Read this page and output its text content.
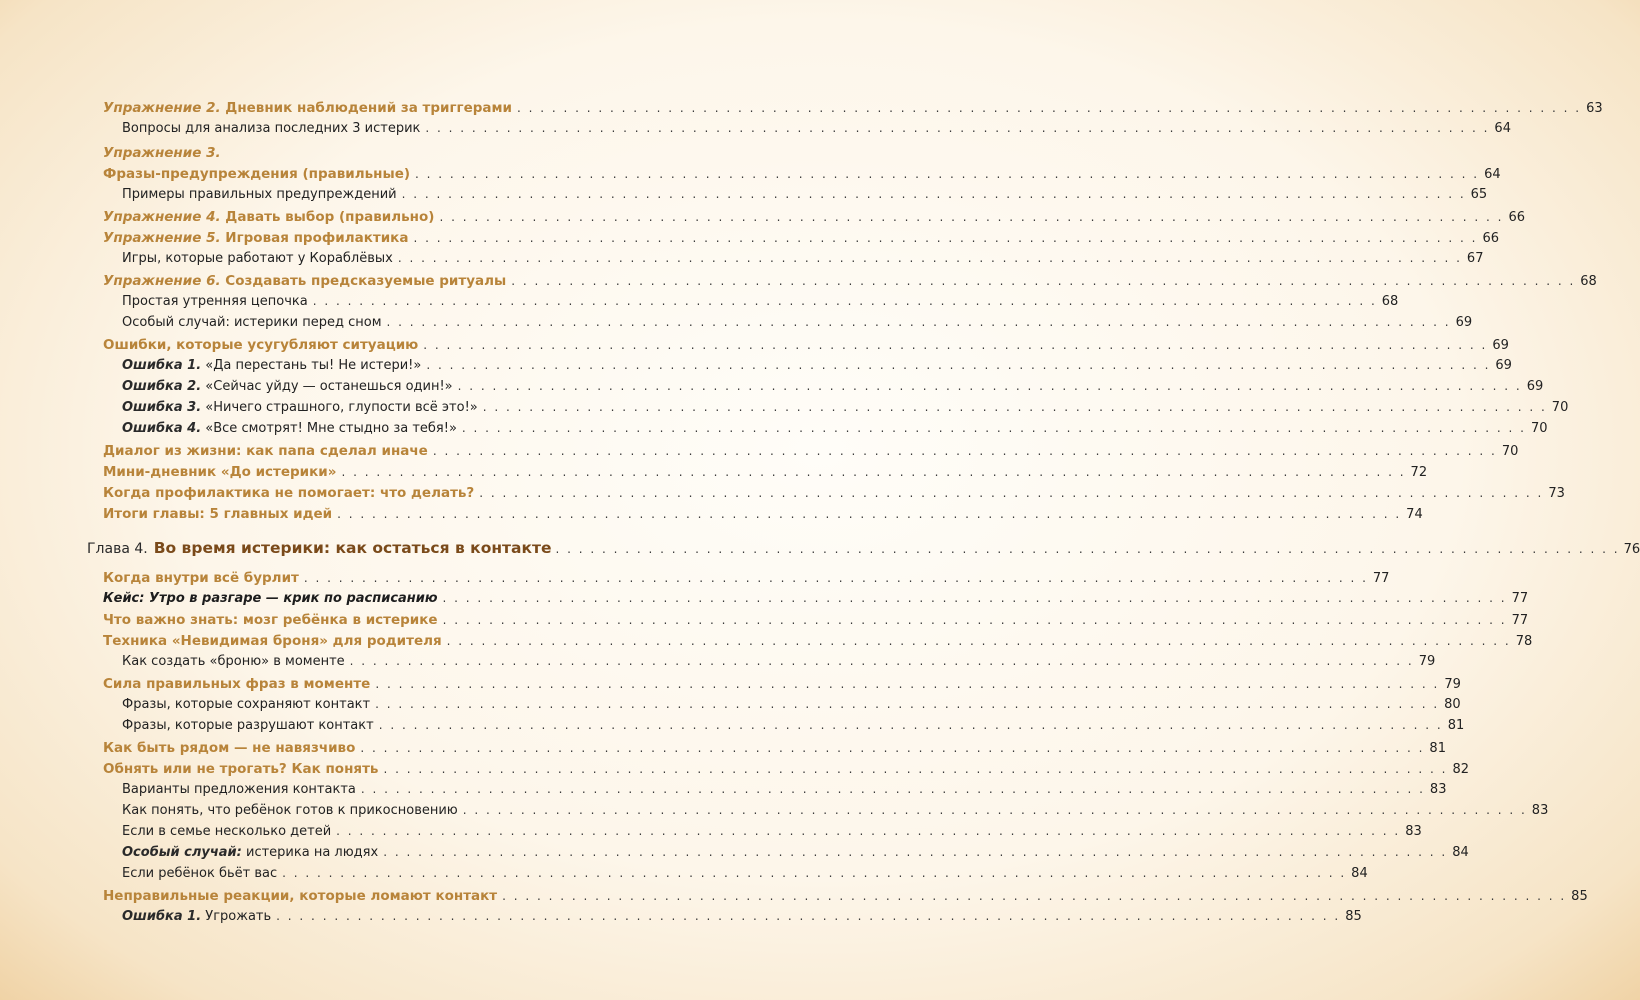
Упражнение 2. Дневник наблюдений за триггерами . . .	63
Вопросы для анализа последних 3 истерик . . .	64
Упражнение 3.
Фразы-предупреждения (правильные) . . .	64
Примеры правильных предупреждений . . .	65
Упражнение 4. Давать выбор (правильно) . . .	66
Упражнение 5. Игровая профилактика . . .	66
Игры, которые работают у Кораблёвых . . .	67
Упражнение 6. Создавать предсказуемые ритуалы . . .	68
Простая утренняя цепочка . . .	68
Особый случай: истерики перед сном . . .	69
Ошибки, которые усугубляют ситуацию . . .	69
Ошибка 1. «Да перестань ты! Не истери!» . . .	69
Ошибка 2. «Сейчас уйду — останешься один!» . . .	69
Ошибка 3. «Ничего страшного, глупости всё это!» . . .	70
Ошибка 4. «Все смотрят! Мне стыдно за тебя!» . . .	70
Диалог из жизни: как папа сделал иначе . . .	70
Мини-дневник «До истерики» . . .	72
Когда профилактика не помогает: что делать? . . .	73
Итоги главы: 5 главных идей . . .	74
Глава 4. Во время истерики: как остаться в контакте . . .	76
Когда внутри всё бурлит . . .	77
Кейс: Утро в разгаре — крик по расписанию . . .	77
Что важно знать: мозг ребёнка в истерике . . .	77
Техника «Невидимая броня» для родителя . . .	78
Как создать «броню» в моменте . . .	79
Сила правильных фраз в моменте . . .	79
Фразы, которые сохраняют контакт . . .	80
Фразы, которые разрушают контакт . . .	81
Как быть рядом — не навязчиво . . .	81
Обнять или не трогать? Как понять . . .	82
Варианты предложения контакта . . .	83
Как понять, что ребёнок готов к прикосновению . . .	83
Если в семье несколько детей . . .	83
Особый случай: истерика на людях . . .	84
Если ребёнок бьёт вас . . .	84
Неправильные реакции, которые ломают контакт . . .	85
Ошибка 1. Угрожать . . .	85
